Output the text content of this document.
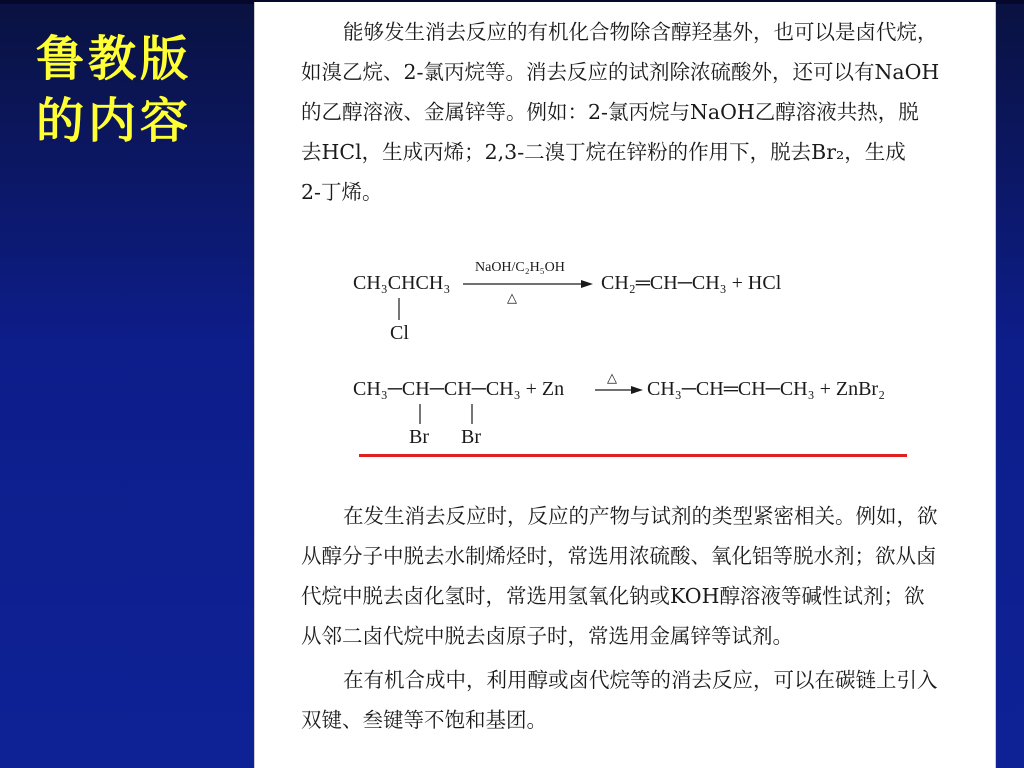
鲁教版
的内容
能够发生消去反应的有机化合物除含醇羟基外，也可以是卤代烷，
如溴乙烷、2-氯丙烷等。消去反应的试剂除浓硫酸外，还可以有NaOH
的乙醇溶液、金属锌等。例如：2-氯丙烷与NaOH乙醇溶液共热，脱
去HCl，生成丙烯；2,3-二溴丁烷在锌粉的作用下，脱去Br₂，生成
2-丁烯。
CH₃CHCH₃
Cl
NaOH/C₂H₅OH
△
CH₂═CH─CH₃ + HCl
CH₃─CH─CH─CH₃ + Zn
Br Br
△
CH₃─CH═CH─CH₃ + ZnBr₂
在发生消去反应时，反应的产物与试剂的类型紧密相关。例如，欲
从醇分子中脱去水制烯烃时，常选用浓硫酸、氧化铝等脱水剂；欲从卤
代烷中脱去卤化氢时，常选用氢氧化钠或KOH醇溶液等碱性试剂；欲
从邻二卤代烷中脱去卤原子时，常选用金属锌等试剂。
在有机合成中，利用醇或卤代烷等的消去反应，可以在碳链上引入
双键、叁键等不饱和基团。
